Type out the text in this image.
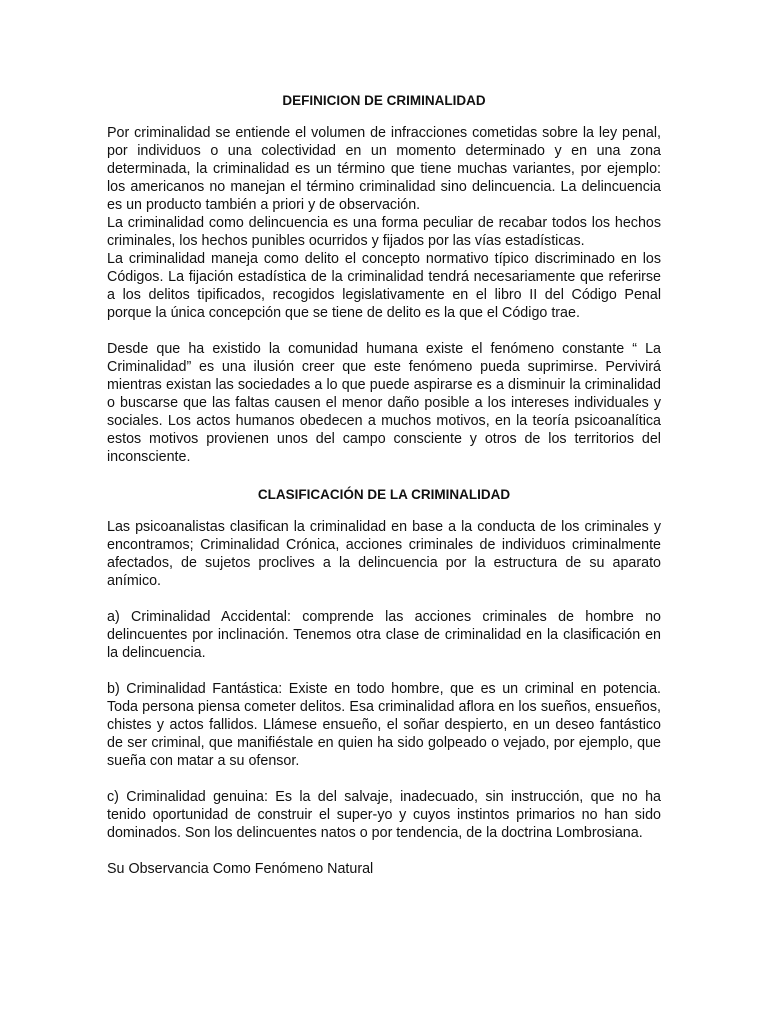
DEFINICION DE CRIMINALIDAD

Por criminalidad se entiende el volumen de infracciones cometidas sobre la ley penal, por individuos o una colectividad en un momento determinado y en una zona determinada, la criminalidad es un término que tiene muchas variantes, por ejemplo: los americanos no manejan el término criminalidad sino delincuencia. La delincuencia es un producto también a priori y de observación.

La criminalidad como delincuencia es una forma peculiar de recabar todos los hechos criminales, los hechos punibles ocurridos y fijados por las vías estadísticas.

La criminalidad maneja como delito el concepto normativo típico discriminado en los Códigos. La fijación estadística de la criminalidad tendrá necesariamente que referirse a los delitos tipificados, recogidos legislativamente en el libro II del Código Penal porque la única concepción que se tiene de delito es la que el Código trae.

Desde que ha existido la comunidad humana existe el fenómeno constante “ La Criminalidad” es una ilusión creer que este fenómeno pueda suprimirse. Pervivirá mientras existan las sociedades a lo que puede aspirarse es a disminuir la criminalidad o buscarse que las faltas causen el menor daño posible a los intereses individuales y sociales. Los actos humanos obedecen a muchos motivos, en la teoría psicoanalítica estos motivos provienen unos del campo consciente y otros de los territorios del inconsciente.

CLASIFICACIÓN DE LA CRIMINALIDAD

Las psicoanalistas clasifican la criminalidad en base a la conducta de los criminales y encontramos; Criminalidad Crónica, acciones criminales de individuos criminalmente afectados, de sujetos proclives a la delincuencia por la estructura de su aparato anímico.

a) Criminalidad Accidental: comprende las acciones criminales de hombre no delincuentes por inclinación. Tenemos otra clase de criminalidad en la clasificación en la delincuencia.

b) Criminalidad Fantástica: Existe en todo hombre, que es un criminal en potencia. Toda persona piensa cometer delitos. Esa criminalidad aflora en los sueños, ensueños, chistes y actos fallidos. Llámese ensueño, el soñar despierto, en un deseo fantástico de ser criminal, que manifiéstale en quien ha sido golpeado o vejado, por ejemplo, que sueña con matar a su ofensor.

c) Criminalidad genuina: Es la del salvaje, inadecuado, sin instrucción, que no ha tenido oportunidad de construir el super-yo y cuyos instintos primarios no han sido dominados. Son los delincuentes natos o por tendencia, de la doctrina Lombrosiana.

Su Observancia Como Fenómeno Natural
